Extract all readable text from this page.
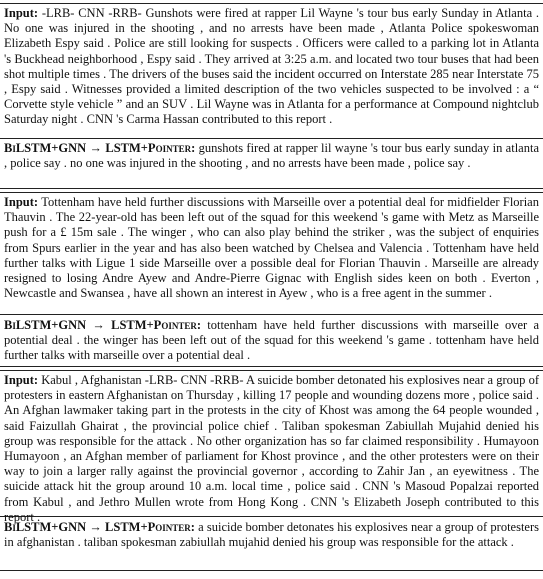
Input: -LRB- CNN -RRB- Gunshots were fired at rapper Lil Wayne 's tour bus early Sunday in Atlanta . No one was injured in the shooting , and no arrests have been made , Atlanta Police spokeswoman Elizabeth Espy said . Police are still looking for suspects . Officers were called to a parking lot in Atlanta 's Buckhead neighborhood , Espy said . They arrived at 3:25 a.m. and located two tour buses that had been shot multiple times . The drivers of the buses said the incident occurred on Interstate 285 near Interstate 75 , Espy said . Witnesses provided a limited description of the two vehicles suspected to be involved : a “ Corvette style vehicle ” and an SUV . Lil Wayne was in Atlanta for a performance at Compound nightclub Saturday night . CNN 's Carma Hassan contributed to this report .

BiLSTM+GNN → LSTM+Pointer: gunshots fired at rapper lil wayne 's tour bus early sunday in atlanta , police say . no one was injured in the shooting , and no arrests have been made , police say .

Input: Tottenham have held further discussions with Marseille over a potential deal for midfielder Florian Thauvin . The 22-year-old has been left out of the squad for this weekend 's game with Metz as Marseille push for a £ 15m sale . The winger , who can also play behind the striker , was the subject of enquiries from Spurs earlier in the year and has also been watched by Chelsea and Valencia . Tottenham have held further talks with Ligue 1 side Marseille over a possible deal for Florian Thauvin . Marseille are already resigned to losing Andre Ayew and Andre-Pierre Gignac with English sides keen on both . Everton , Newcastle and Swansea , have all shown an interest in Ayew , who is a free agent in the summer .

BiLSTM+GNN → LSTM+Pointer: tottenham have held further discussions with marseille over a potential deal . the winger has been left out of the squad for this weekend 's game . tottenham have held further talks with marseille over a potential deal .

Input: Kabul , Afghanistan -LRB- CNN -RRB- A suicide bomber detonated his explosives near a group of protesters in eastern Afghanistan on Thursday , killing 17 people and wounding dozens more , police said . An Afghan lawmaker taking part in the protests in the city of Khost was among the 64 people wounded , said Faizullah Ghairat , the provincial police chief . Taliban spokesman Zabiullah Mujahid denied his group was responsible for the attack . No other organization has so far claimed responsibility . Humayoon Humayoon , an Afghan member of parliament for Khost province , and the other protesters were on their way to join a larger rally against the provincial governor , according to Zahir Jan , an eyewitness . The suicide attack hit the group around 10 a.m. local time , police said . CNN 's Masoud Popalzai reported from Kabul , and Jethro Mullen wrote from Hong Kong . CNN 's Elizabeth Joseph contributed to this report .

BiLSTM+GNN → LSTM+Pointer: a suicide bomber detonates his explosives near a group of protesters in afghanistan . taliban spokesman zabiullah mujahid denied his group was responsible for the attack .
